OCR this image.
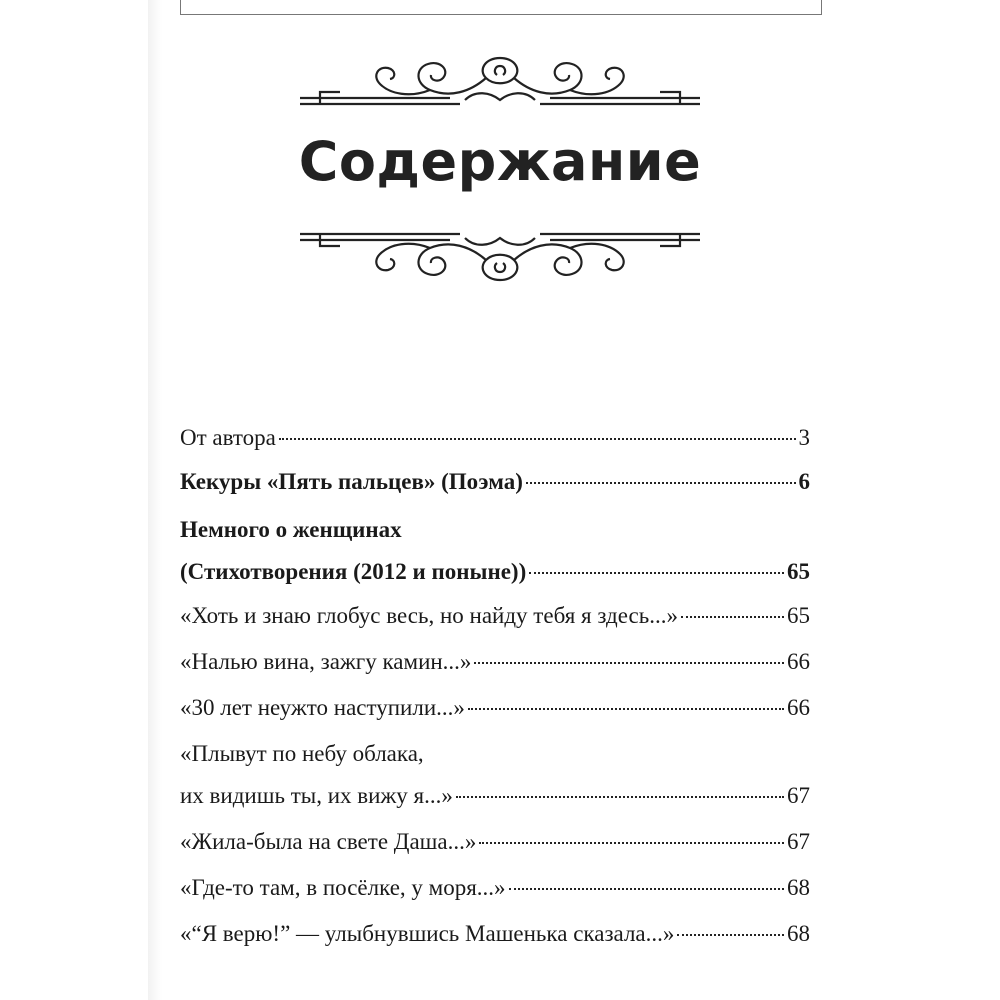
Содержание
От автора	3
Кекуры «Пять пальцев» (Поэма)	6
Немного о женщинах
(Стихотворения (2012 и поныне))	65
«Хоть и знаю глобус весь, но найду тебя я здесь...»	65
«Налью вина, зажгу камин...»	66
«30 лет неужто наступили...»	66
«Плывут по небу облака,
их видишь ты, их вижу я...»	67
«Жила-была на свете Даша...»	67
«Где-то там, в посёлке, у моря...»	68
«“Я верю!” — улыбнувшись Машенька сказала...»	68
